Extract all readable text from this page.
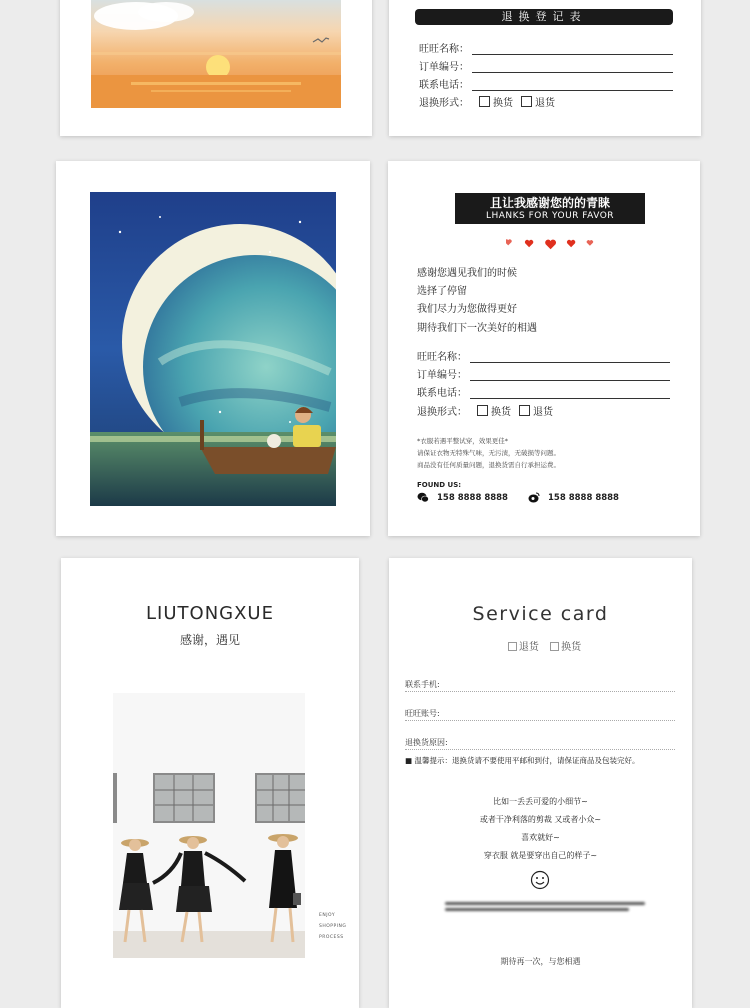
退换登记表
旺旺名称：
订单编号：
联系电话：
退换形式： 换货 退货
且让我感谢您的的青睐
LHANKS FOR YOUR FAVOR
感谢您遇见我们的时候
选择了停留
我们尽力为您做得更好
期待我们下一次美好的相遇
旺旺名称：
订单编号：
联系电话：
退换形式： 换货 退货
*衣服若遇平整试穿，效果更佳*
请保证衣物无特殊气味，无污渍，无破损等问题。
商品没有任何质量问题，退换货需自行承担运费。
FOUND US:
158 8888 8888	158 8888 8888
LIUTONGXUE
感谢，遇见
ENJOY
SHOPPING
PROCESS
Service card
退货 换货
联系手机:
旺旺账号:
退换货原因:
■ 温馨提示：退换货请不要使用平邮和到付，请保证商品及包装完好。
比如一丢丢可爱的小细节~
或者干净利落的剪裁 又或者小众~
喜欢就好~
穿衣服 就是要穿出自己的样子~
期待再一次，与您相遇
